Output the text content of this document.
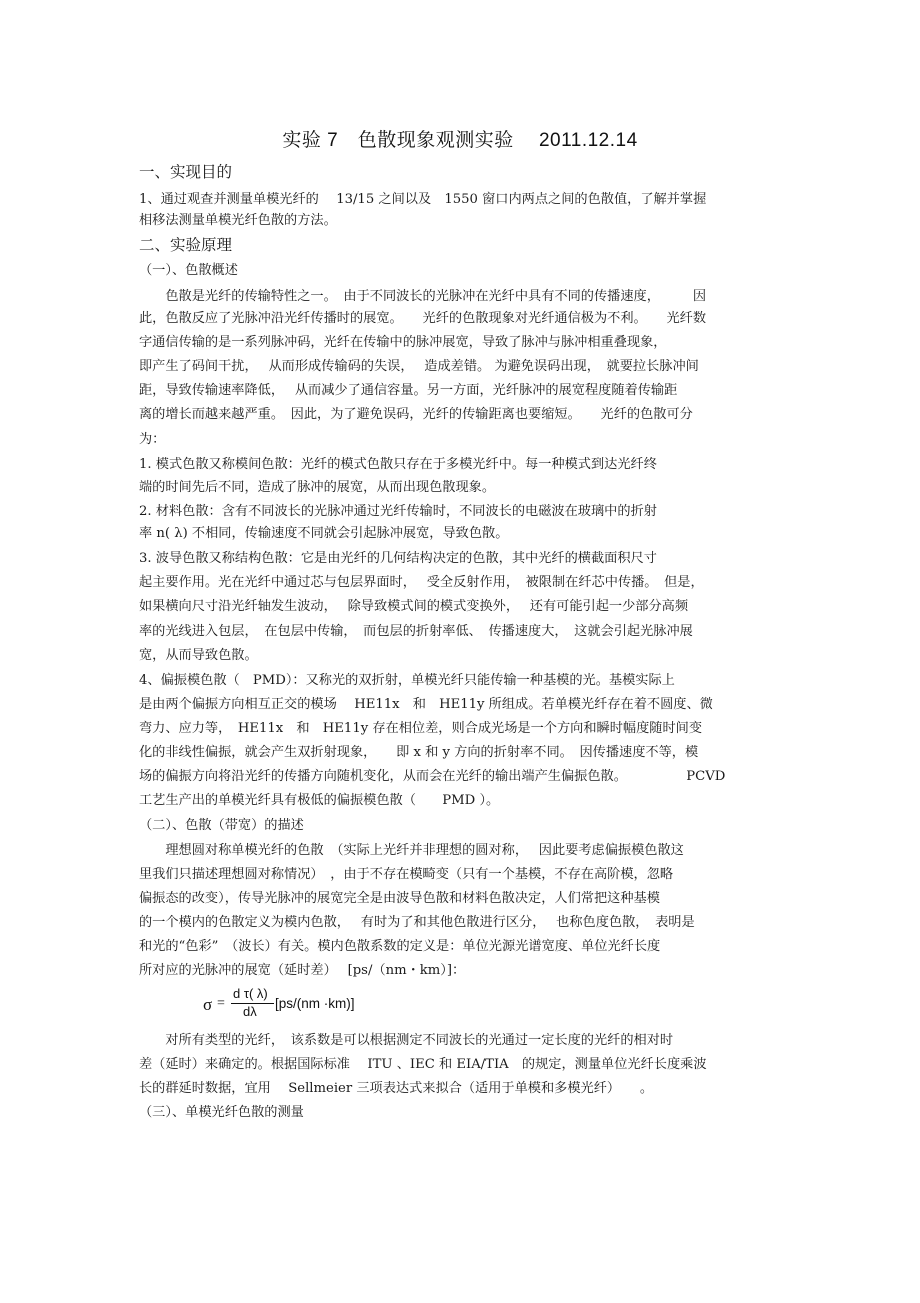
实验 7　色散现象观测实验　 2011.12.14
一、实现目的
1、通过观查并测量单模光纤的　 13/15 之间以及　1550 窗口内两点之间的色散值，了解并掌握
相移法测量单模光纤色散的方法。
二、实验原理
（一）、色散概述
　　色散是光纤的传输特性之一。　由于不同波长的光脉冲在光纤中具有不同的传播速度，　　　因
此，色散反应了光脉冲沿光纤传播时的展宽。　　光纤的色散现象对光纤通信极为不利。　　光纤数
字通信传输的是一系列脉冲码，光纤在传输中的脉冲展宽，导致了脉冲与脉冲相重叠现象，
即产生了码间干扰，　 从而形成传输码的失误，　 造成差错。 为避免误码出现，　就要拉长脉冲间
距，导致传输速率降低，　 从而减少了通信容量。另一方面，光纤脉冲的展宽程度随着传输距
离的增长而越来越严重。　因此，为了避免误码，光纤的传输距离也要缩短。　　光纤的色散可分
为：
1. 模式色散又称模间色散：光纤的模式色散只存在于多模光纤中。每一种模式到达光纤终
端的时间先后不同，造成了脉冲的展宽，从而出现色散现象。
2. 材料色散：含有不同波长的光脉冲通过光纤传输时，不同波长的电磁波在玻璃中的折射
率 n( λ) 不相同，传输速度不同就会引起脉冲展宽，导致色散。
3. 波导色散又称结构色散：它是由光纤的几何结构决定的色散，其中光纤的横截面积尺寸
起主要作用。光在光纤中通过芯与包层界面时，　 受全反射作用，　被限制在纤芯中传播。　但是，
如果横向尺寸沿光纤轴发生波动，　 除导致模式间的模式变换外，　 还有可能引起一少部分高频
率的光线进入包层，　在包层中传输，　而包层的折射率低、　传播速度大，　这就会引起光脉冲展
宽，从而导致色散。
4、偏振模色散（　PMD）：又称光的双折射，单模光纤只能传输一种基模的光。基模实际上
是由两个偏振方向相互正交的模场　 HE11x　和　HE11y 所组成。若单模光纤存在着不圆度、微
弯力、应力等，　HE11x　和　HE11y 存在相位差，则合成光场是一个方向和瞬时幅度随时间变
化的非线性偏振，就会产生双折射现象，　　即 x 和 y 方向的折射率不同。　因传播速度不等，模
场的偏振方向将沿光纤的传播方向随机变化，从而会在光纤的输出端产生偏振色散。　　　　　PCVD
工艺生产出的单模光纤具有极低的偏振模色散（　　PMD ）。
（二）、色散（带宽）的描述
　　理想圆对称单模光纤的色散　（实际上光纤并非理想的圆对称，　 因此要考虑偏振模色散这
里我们只描述理想圆对称情况）　，由于不存在模畸变（只有一个基模，不存在高阶模，忽略
偏振态的改变），传导光脉冲的展宽完全是由波导色散和材料色散决定，人们常把这种基模
的一个模内的色散定义为模内色散，　 有时为了和其他色散进行区分，　 也称色度色散，　表明是
和光的“色彩”　（波长）有关。模内色散系数的定义是：单位光源光谱宽度、单位光纤长度
所对应的光脉冲的展宽（延时差）　 [ps/（nm・km）]：
σ =
d τ( λ)
dλ
[ps/(nm ·km)]
　　对所有类型的光纤，　该系数是可以根据测定不同波长的光通过一定长度的光纤的相对时
差（延时）来确定的。根据国际标准　 ITU 、IEC 和 EIA/TIA　的规定，测量单位光纤长度乘波
长的群延时数据，宜用　 Sellmeier 三项表达式来拟合（适用于单模和多模光纤）　　。
（三）、单模光纤色散的测量
